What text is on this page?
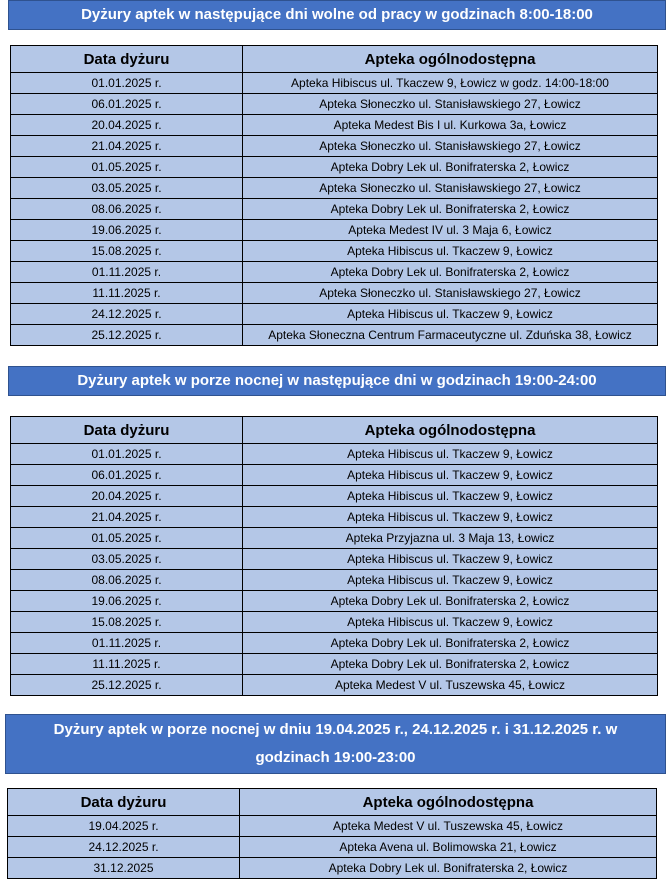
Dyżury aptek w następujące dni wolne od pracy w godzinach 8:00-18:00
Data dyżuru	Apteka ogólnodostępna
01.01.2025 r.	Apteka Hibiscus ul. Tkaczew 9, Łowicz w godz. 14:00-18:00
06.01.2025 r.	Apteka Słoneczko ul. Stanisławskiego 27, Łowicz
20.04.2025 r.	Apteka Medest Bis I ul. Kurkowa 3a, Łowicz
21.04.2025 r.	Apteka Słoneczko ul. Stanisławskiego 27, Łowicz
01.05.2025 r.	Apteka Dobry Lek ul. Bonifraterska 2, Łowicz
03.05.2025 r.	Apteka Słoneczko ul. Stanisławskiego 27, Łowicz
08.06.2025 r.	Apteka Dobry Lek ul. Bonifraterska 2, Łowicz
19.06.2025 r.	Apteka Medest IV ul. 3 Maja 6, Łowicz
15.08.2025 r.	Apteka Hibiscus ul. Tkaczew 9, Łowicz
01.11.2025 r.	Apteka Dobry Lek ul. Bonifraterska 2, Łowicz
11.11.2025 r.	Apteka Słoneczko ul. Stanisławskiego 27, Łowicz
24.12.2025 r.	Apteka Hibiscus ul. Tkaczew 9, Łowicz
25.12.2025 r.	Apteka Słoneczna Centrum Farmaceutyczne ul. Zduńska 38, Łowicz
Dyżury aptek w porze nocnej w następujące dni w godzinach 19:00-24:00
Data dyżuru	Apteka ogólnodostępna
01.01.2025 r.	Apteka Hibiscus ul. Tkaczew 9, Łowicz
06.01.2025 r.	Apteka Hibiscus ul. Tkaczew 9, Łowicz
20.04.2025 r.	Apteka Hibiscus ul. Tkaczew 9, Łowicz
21.04.2025 r.	Apteka Hibiscus ul. Tkaczew 9, Łowicz
01.05.2025 r.	Apteka Przyjazna ul. 3 Maja 13, Łowicz
03.05.2025 r.	Apteka Hibiscus ul. Tkaczew 9, Łowicz
08.06.2025 r.	Apteka Hibiscus ul. Tkaczew 9, Łowicz
19.06.2025 r.	Apteka Dobry Lek ul. Bonifraterska 2, Łowicz
15.08.2025 r.	Apteka Hibiscus ul. Tkaczew 9, Łowicz
01.11.2025 r.	Apteka Dobry Lek ul. Bonifraterska 2, Łowicz
11.11.2025 r.	Apteka Dobry Lek ul. Bonifraterska 2, Łowicz
25.12.2025 r.	Apteka Medest V ul. Tuszewska 45, Łowicz
Dyżury aptek w porze nocnej w dniu 19.04.2025 r., 24.12.2025 r. i 31.12.2025 r. w godzinach 19:00-23:00
Data dyżuru	Apteka ogólnodostępna
19.04.2025 r.	Apteka Medest V ul. Tuszewska 45, Łowicz
24.12.2025 r.	Apteka Avena ul. Bolimowska 21, Łowicz
31.12.2025	Apteka Dobry Lek ul. Bonifraterska 2, Łowicz
